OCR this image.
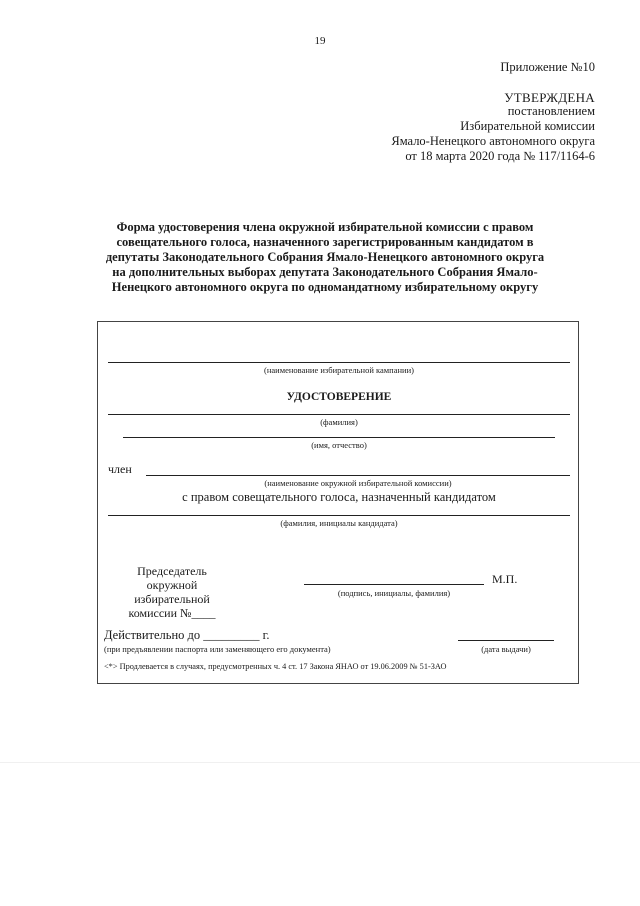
19
Приложение №10
УТВЕРЖДЕНА
постановлением
Избирательной комиссии
Ямало-Ненецкого автономного округа
от 18 марта 2020 года № 117/1164-6
Форма удостоверения члена окружной избирательной комиссии с правом
совещательного голоса, назначенного зарегистрированным кандидатом в
депутаты Законодательного Собрания Ямало-Ненецкого автономного округа
на дополнительных выборах депутата Законодательного Собрания Ямало-
Ненецкого автономного округа по одномандатному избирательному округу
(наименование избирательной кампании)
УДОСТОВЕРЕНИЕ
(фамилия)
(имя, отчество)
член
(наименование окружной избирательной комиссии)
с правом совещательного голоса, назначенный кандидатом
(фамилия, инициалы кандидата)
Председатель
окружной
избирательной
комиссии №____
М.П.
(подпись, инициалы, фамилия)
Действительно до _________ г.
(при предъявлении паспорта или заменяющего его документа)	(дата выдачи)
<*> Продлевается в случаях, предусмотренных ч. 4 ст. 17 Закона ЯНАО от 19.06.2009 № 51-ЗАО
